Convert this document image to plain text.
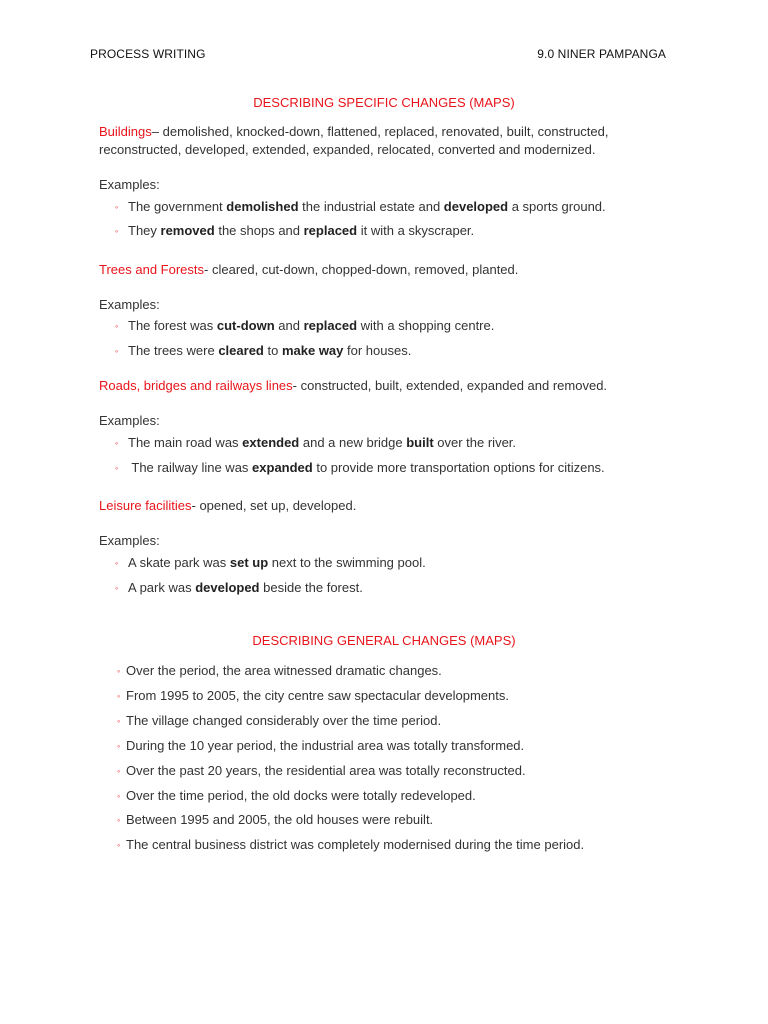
PROCESS WRITING	9.0 NINER PAMPANGA
DESCRIBING SPECIFIC CHANGES (MAPS)
Buildings– demolished, knocked-down, flattened, replaced, renovated, built, constructed,
reconstructed, developed, extended, expanded, relocated, converted and modernized.
Examples:
◦ The government demolished the industrial estate and developed a sports ground.
◦ They removed the shops and replaced it with a skyscraper.
Trees and Forests- cleared, cut-down, chopped-down, removed, planted.
Examples:
◦ The forest was cut-down and replaced with a shopping centre.
◦ The trees were cleared to make way for houses.
Roads, bridges and railways lines- constructed, built, extended, expanded and removed.
Examples:
◦ The main road was extended and a new bridge built over the river.
◦ The railway line was expanded to provide more transportation options for citizens.
Leisure facilities- opened, set up, developed.
Examples:
◦ A skate park was set up next to the swimming pool.
◦ A park was developed beside the forest.
DESCRIBING GENERAL CHANGES (MAPS)
◦ Over the period, the area witnessed dramatic changes.
◦ From 1995 to 2005, the city centre saw spectacular developments.
◦ The village changed considerably over the time period.
◦ During the 10 year period, the industrial area was totally transformed.
◦ Over the past 20 years, the residential area was totally reconstructed.
◦ Over the time period, the old docks were totally redeveloped.
◦ Between 1995 and 2005, the old houses were rebuilt.
◦ The central business district was completely modernised during the time period.
